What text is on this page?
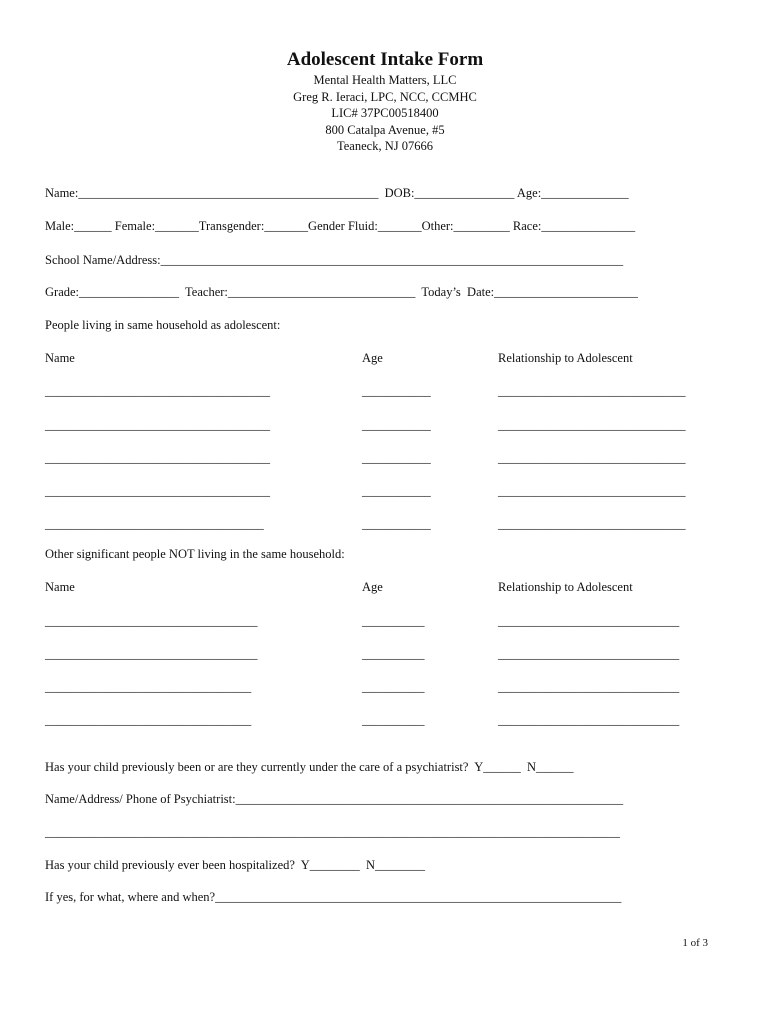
Adolescent Intake Form
Mental Health Matters, LLC
Greg R. Ieraci, LPC, NCC, CCMHC
LIC# 37PC00518400
800 Catalpa Avenue, #5
Teaneck, NJ 07666
Name:________________________________________________  DOB:________________ Age:______________
Male:______ Female:_______Transgender:_______Gender Fluid:_______Other:_________ Race:_______________
School Name/Address:__________________________________________________________________________
Grade:________________  Teacher:______________________________  Today’s  Date:_______________________
People living in same household as adolescent:
Name	Age	Relationship to Adolescent
____________________________________	___________	______________________________
____________________________________	___________	______________________________
____________________________________	___________	______________________________
____________________________________	___________	______________________________
___________________________________	___________	______________________________
Other significant people NOT living in the same household:
Name	Age	Relationship to Adolescent
__________________________________	__________	_____________________________
__________________________________	__________	_____________________________
_________________________________	__________	_____________________________
_________________________________	__________	_____________________________
Has your child previously been or are they currently under the care of a psychiatrist?  Y______  N______
Name/Address/ Phone of Psychiatrist:______________________________________________________________
____________________________________________________________________________________________
Has your child previously ever been hospitalized?  Y________  N________
If yes, for what, where and when?_________________________________________________________________
1 of 3
